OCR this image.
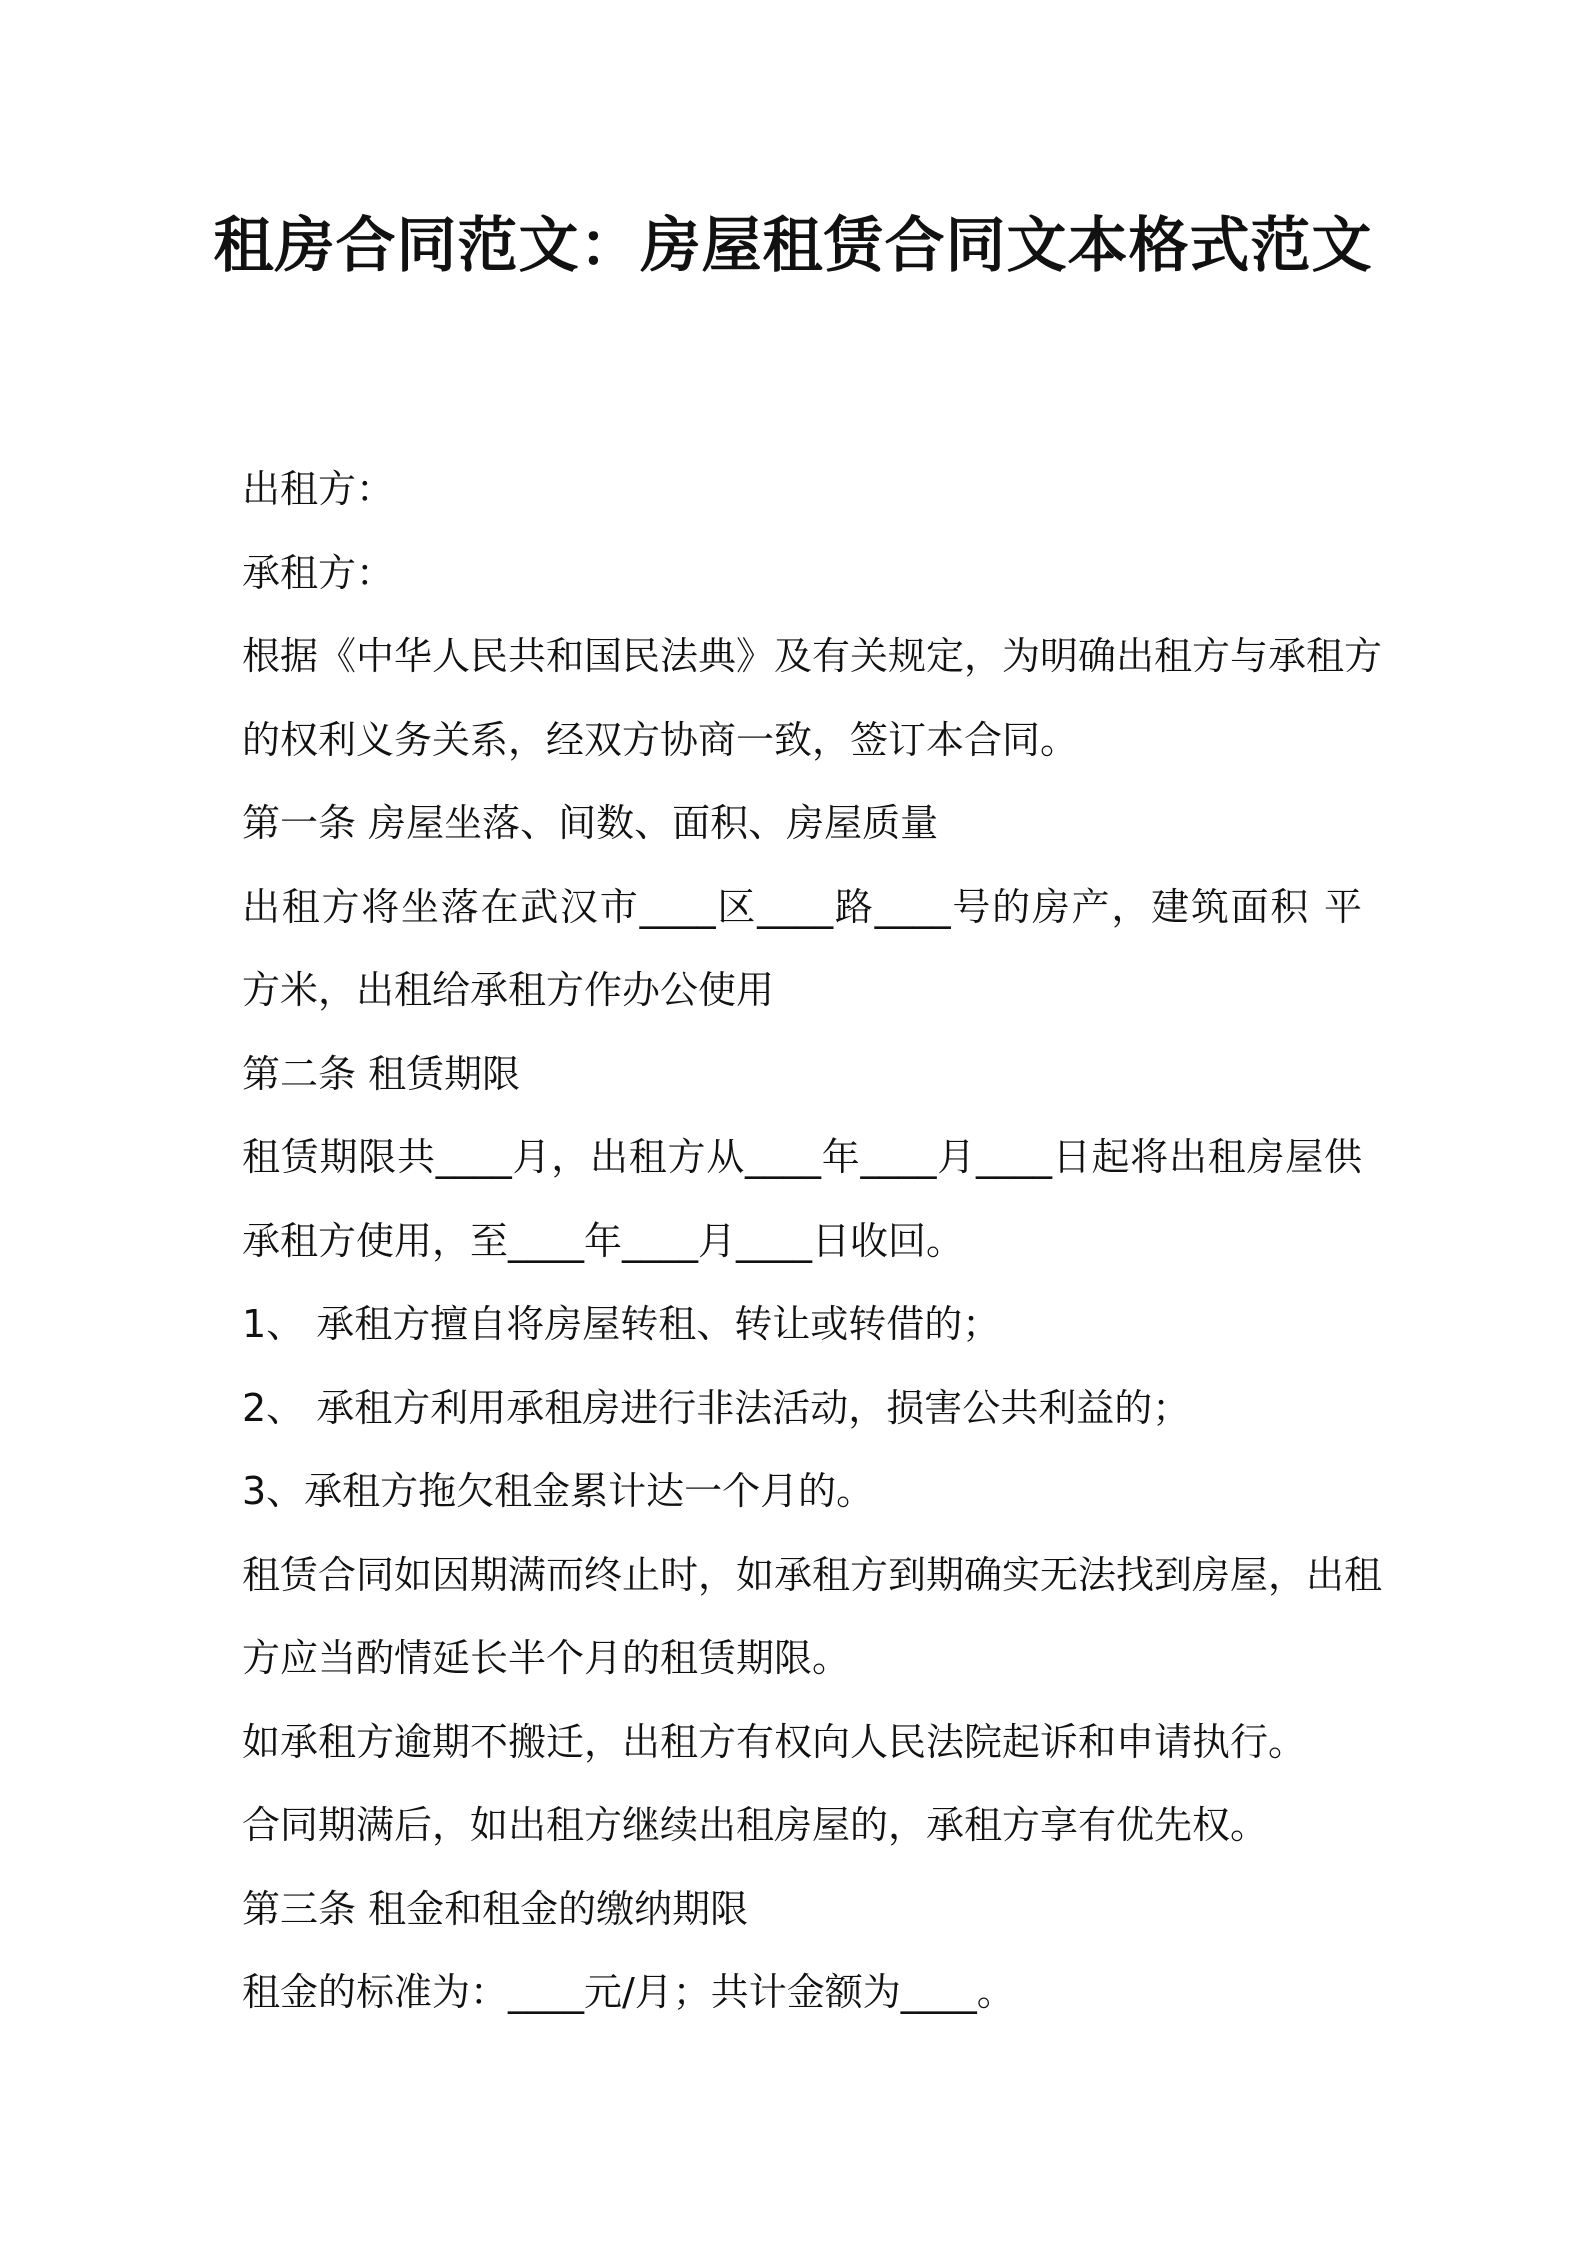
租房合同范文：房屋租赁合同文本格式范文

出租方：

承租方：

根据《中华人民共和国民法典》及有关规定，为明确出租方与承租方

的权利义务关系，经双方协商一致，签订本合同。

第一条 房屋坐落、间数、面积、房屋质量

出租方将坐落在武汉市____区____路____号的房产，建筑面积 平

方米，出租给承租方作办公使用

第二条 租赁期限

租赁期限共____月，出租方从____年____月____日起将出租房屋供

承租方使用，至____年____月____日收回。

1、 承租方擅自将房屋转租、转让或转借的；

2、 承租方利用承租房进行非法活动，损害公共利益的；

3、承租方拖欠租金累计达一个月的。

租赁合同如因期满而终止时，如承租方到期确实无法找到房屋，出租

方应当酌情延长半个月的租赁期限。

如承租方逾期不搬迁，出租方有权向人民法院起诉和申请执行。

合同期满后，如出租方继续出租房屋的，承租方享有优先权。

第三条 租金和租金的缴纳期限

租金的标准为：____元/月；共计金额为____。
